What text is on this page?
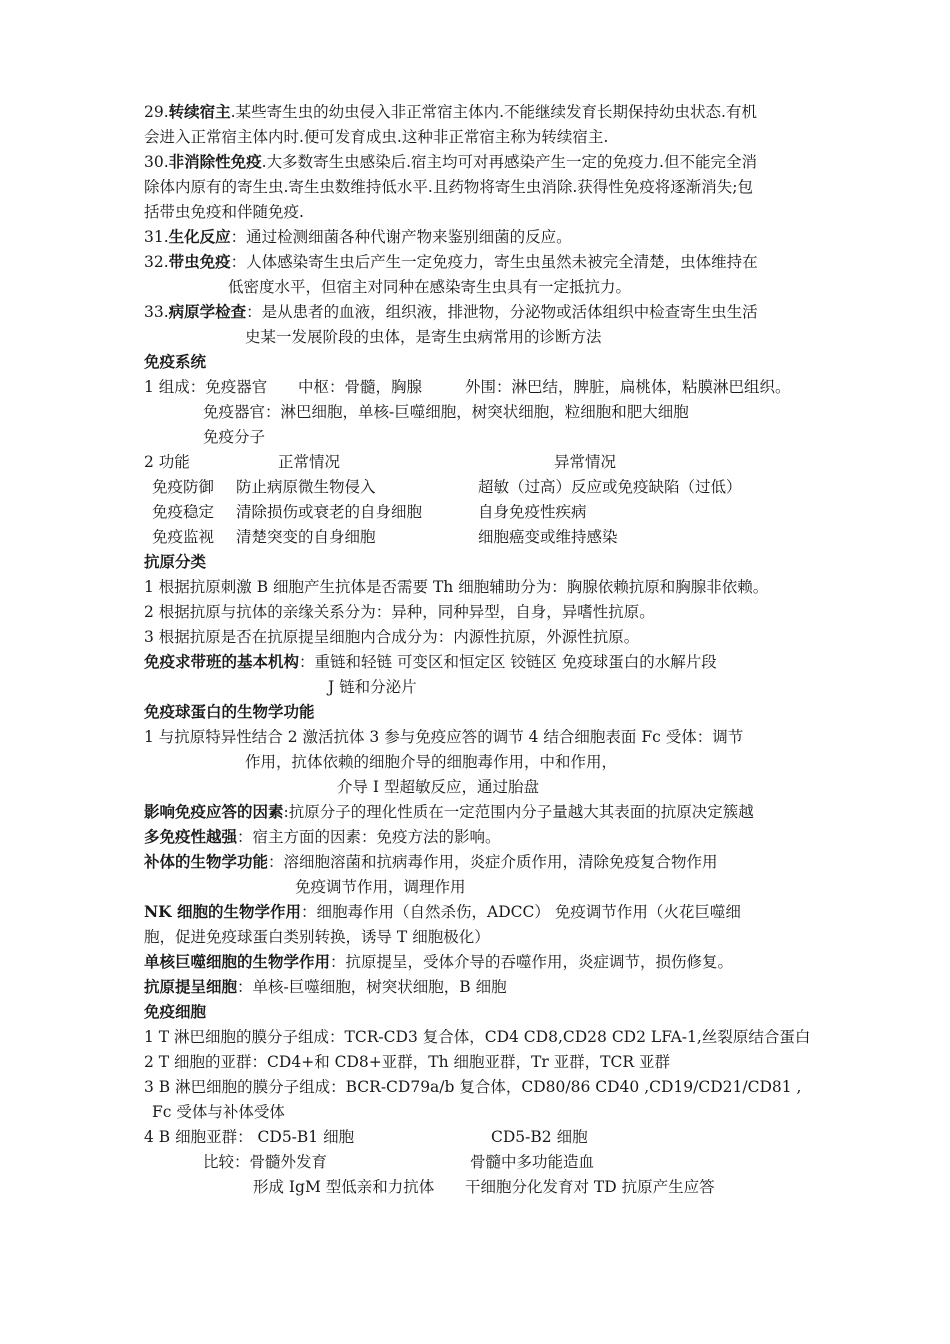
29.转续宿主.某些寄生虫的幼虫侵入非正常宿主体内.不能继续发育长期保持幼虫状态.有机
会进入正常宿主体内时.便可发育成虫.这种非正常宿主称为转续宿主.
30.非消除性免疫.大多数寄生虫感染后.宿主均可对再感染产生一定的免疫力.但不能完全消
除体内原有的寄生虫.寄生虫数维持低水平.且药物将寄生虫消除.获得性免疫将逐渐消失;包
括带虫免疫和伴随免疫.
31.生化反应：通过检测细菌各种代谢产物来鉴别细菌的反应。
32.带虫免疫：人体感染寄生虫后产生一定免疫力，寄生虫虽然未被完全清楚，虫体维持在
低密度水平，但宿主对同种在感染寄生虫具有一定抵抗力。
33.病原学检查：是从患者的血液，组织液，排泄物，分泌物或活体组织中检查寄生虫生活
史某一发展阶段的虫体，是寄生虫病常用的诊断方法
免疫系统
1 组成：免疫器官 中枢：骨髓，胸腺	外围：淋巴结，脾脏，扁桃体，粘膜淋巴组织。
免疫器官：淋巴细胞，单核-巨噬细胞，树突状细胞，粒细胞和肥大细胞
免疫分子
2 功能	正常情况	异常情况
免疫防御 防止病原微生物侵入	超敏（过高）反应或免疫缺陷（过低）
免疫稳定 清除损伤或衰老的自身细胞	自身免疫性疾病
免疫监视 清楚突变的自身细胞	细胞癌变或维持感染
抗原分类
1 根据抗原刺激 B 细胞产生抗体是否需要 Th 细胞辅助分为：胸腺依赖抗原和胸腺非依赖。
2 根据抗原与抗体的亲缘关系分为：异种，同种异型，自身，异嗜性抗原。
3 根据抗原是否在抗原提呈细胞内合成分为：内源性抗原，外源性抗原。
免疫求带班的基本机构：重链和轻链 可变区和恒定区 铰链区 免疫球蛋白的水解片段
J 链和分泌片
免疫球蛋白的生物学功能
1 与抗原特异性结合 2 激活抗体 3 参与免疫应答的调节 4 结合细胞表面 Fc 受体：调节
作用，抗体依赖的细胞介导的细胞毒作用，中和作用，
介导 I 型超敏反应，通过胎盘
影响免疫应答的因素:抗原分子的理化性质在一定范围内分子量越大其表面的抗原决定簇越
多免疫性越强：宿主方面的因素：免疫方法的影响。
补体的生物学功能：溶细胞溶菌和抗病毒作用，炎症介质作用，清除免疫复合物作用
免疫调节作用，调理作用
NK 细胞的生物学作用：细胞毒作用（自然杀伤，ADCC） 免疫调节作用（火花巨噬细
胞，促进免疫球蛋白类别转换，诱导 T 细胞极化）
单核巨噬细胞的生物学作用：抗原提呈，受体介导的吞噬作用，炎症调节，损伤修复。
抗原提呈细胞：单核-巨噬细胞，树突状细胞，B 细胞
免疫细胞
1 T 淋巴细胞的膜分子组成：TCR-CD3 复合体，CD4 CD8,CD28 CD2 LFA-1,丝裂原结合蛋白
2 T 细胞的亚群：CD4+和 CD8+亚群，Th 细胞亚群，Tr 亚群，TCR 亚群
3 B 淋巴细胞的膜分子组成：BCR-CD79a/b 复合体，CD80/86 CD40 ,CD19/CD21/CD81 ,
Fc 受体与补体受体
4 B 细胞亚群： CD5-B1 细胞	CD5-B2 细胞
比较：骨髓外发育	骨髓中多功能造血
形成 IgM 型低亲和力抗体 干细胞分化发育对 TD 抗原产生应答
